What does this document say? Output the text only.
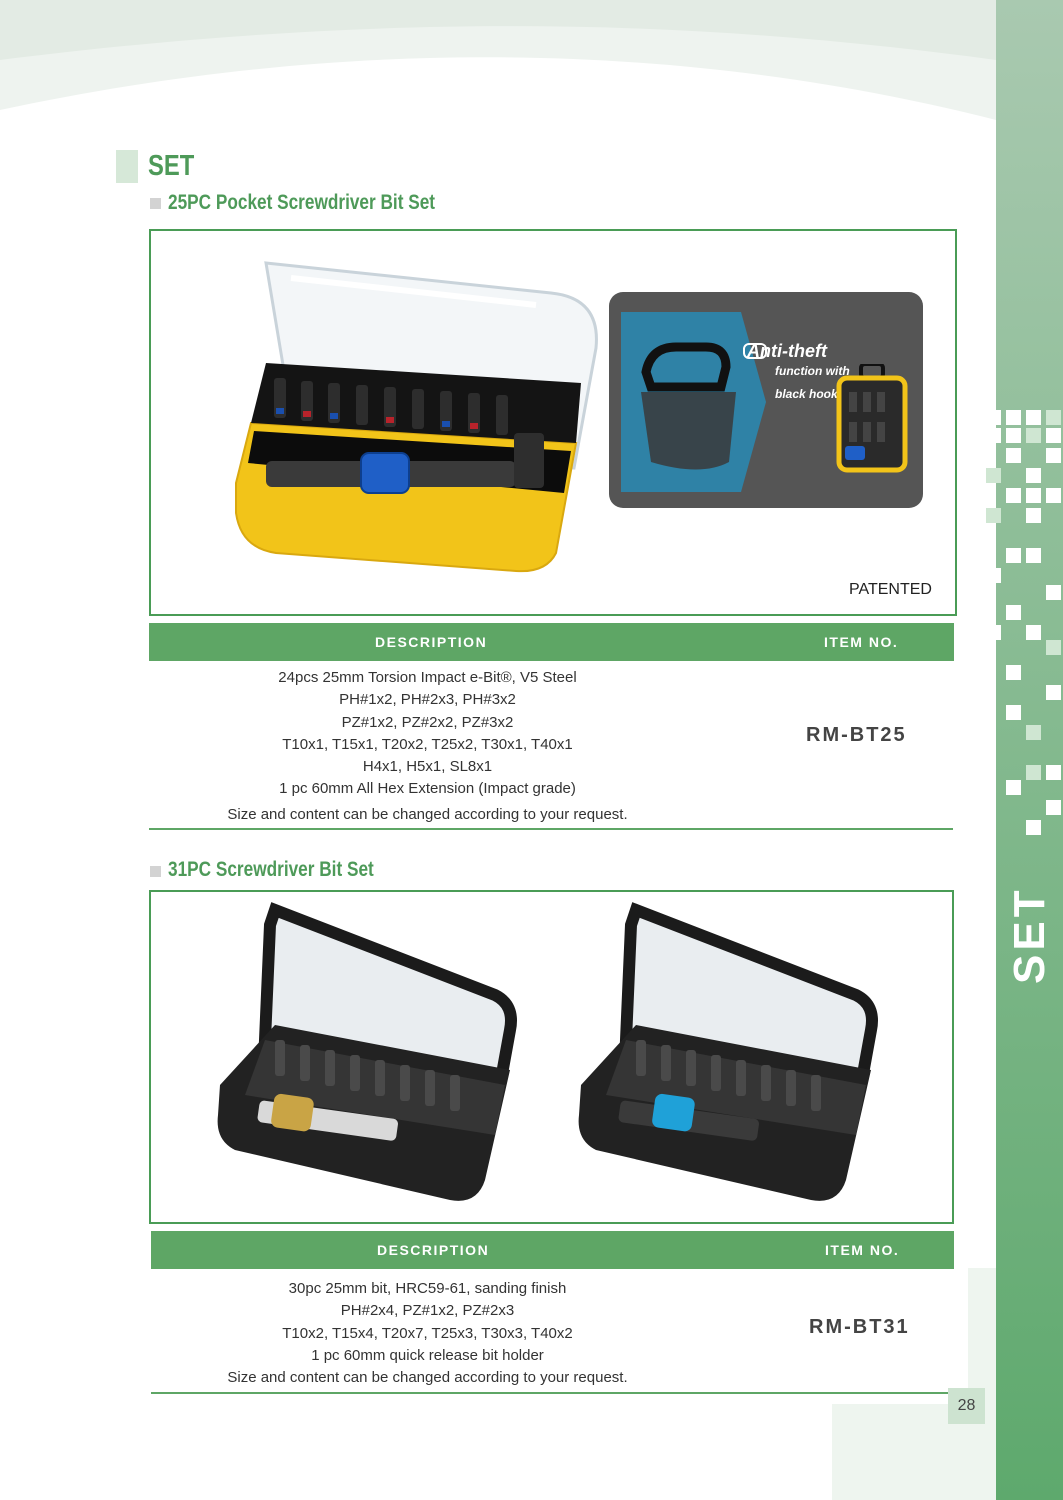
SET
SET
25PC Pocket Screwdriver Bit Set
Anti-theft
function with
black hook
PATENTED
DESCRIPTION	ITEM NO.
24pcs 25mm Torsion Impact e-Bit®, V5 Steel
PH#1x2, PH#2x3, PH#3x2
PZ#1x2, PZ#2x2, PZ#3x2
T10x1, T15x1, T20x2, T25x2, T30x1, T40x1
H4x1, H5x1, SL8x1
1 pc 60mm All Hex Extension (Impact grade)
Size and content can be changed according to your request.
RM-BT25
31PC Screwdriver Bit Set
DESCRIPTION	ITEM NO.
30pc 25mm bit, HRC59-61, sanding finish
PH#2x4, PZ#1x2, PZ#2x3
T10x2, T15x4, T20x7, T25x3, T30x3, T40x2
1 pc 60mm quick release bit holder
Size and content can be changed according to your request.
RM-BT31
28
